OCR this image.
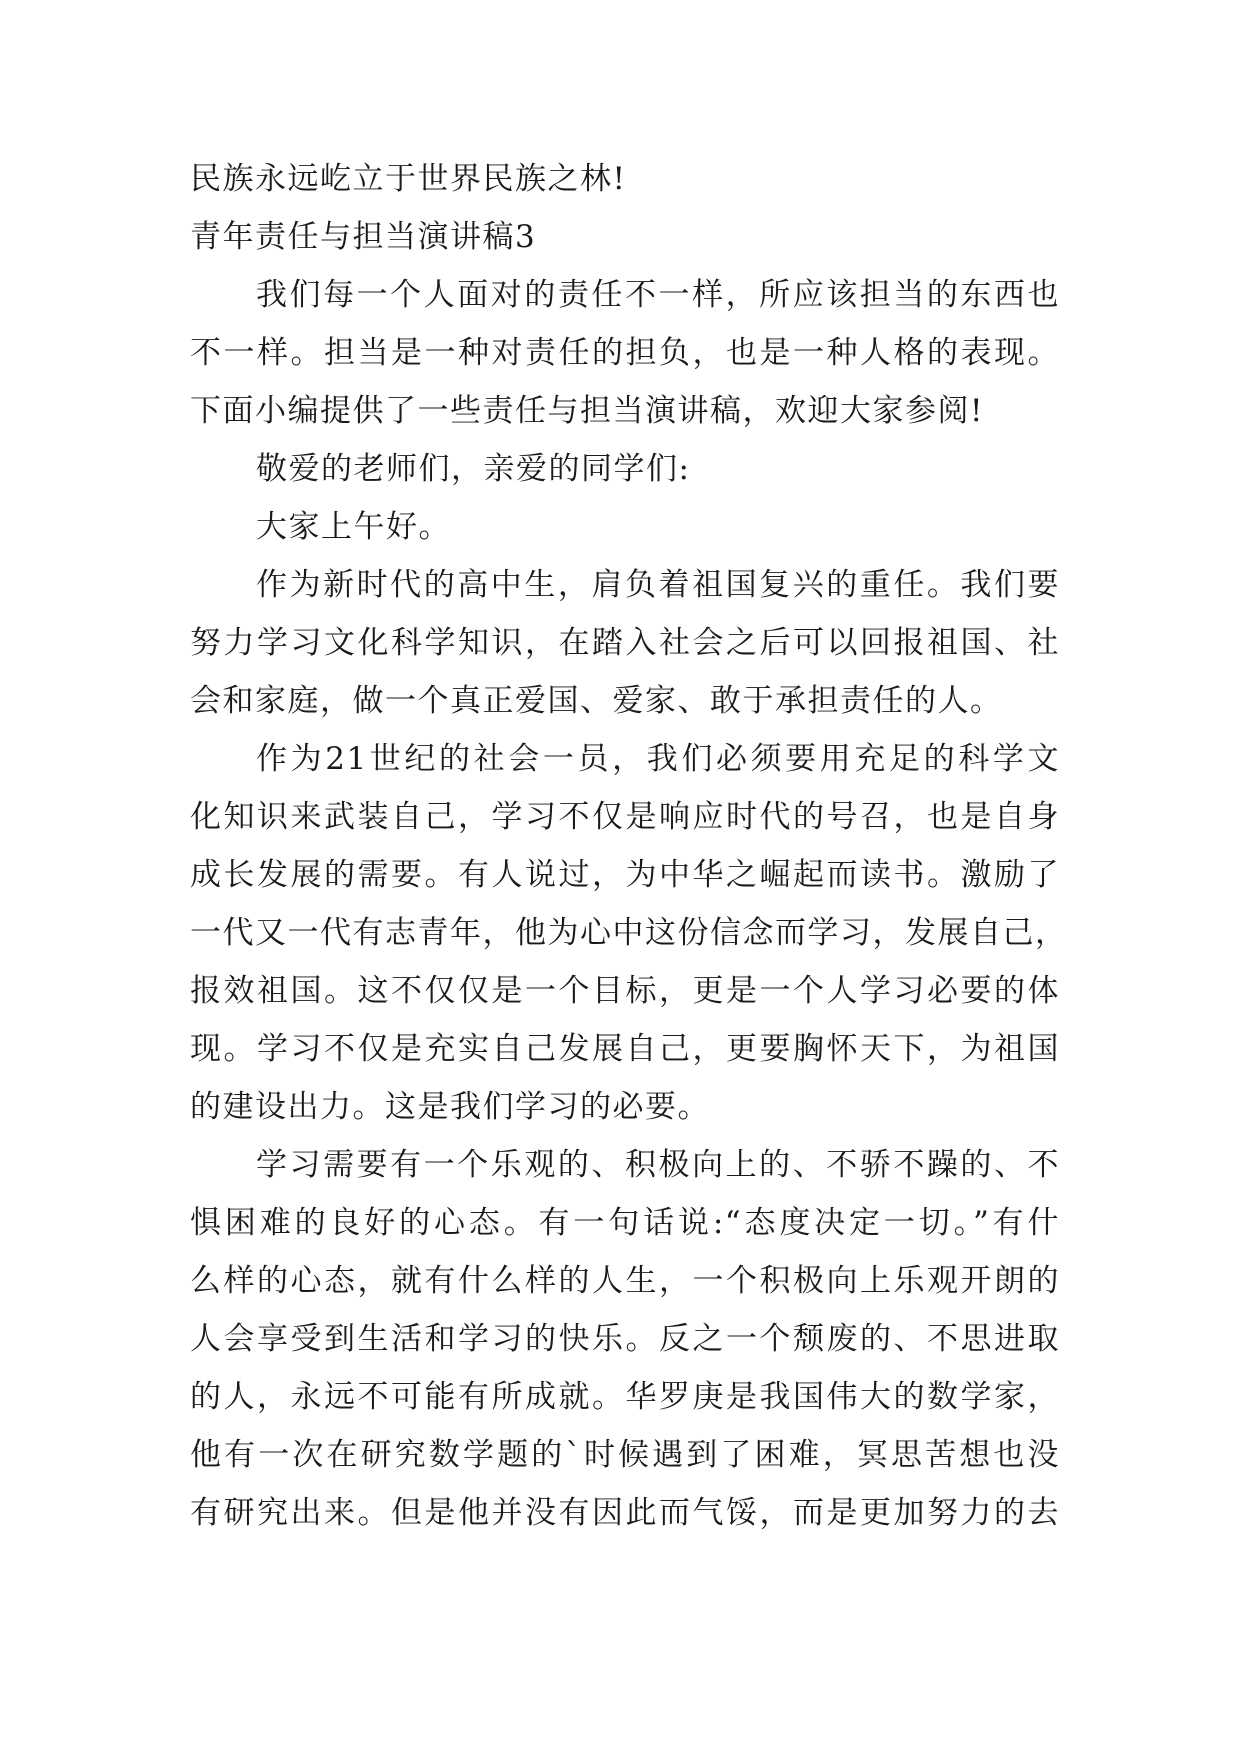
民族永远屹立于世界民族之林!

青年责任与担当演讲稿3

我们每一个人面对的责任不一样，所应该担当的东西也

不一样。担当是一种对责任的担负，也是一种人格的表现。

下面小编提供了一些责任与担当演讲稿，欢迎大家参阅!

敬爱的老师们，亲爱的同学们:

大家上午好。

作为新时代的高中生，肩负着祖国复兴的重任。我们要

努力学习文化科学知识，在踏入社会之后可以回报祖国、社

会和家庭，做一个真正爱国、爱家、敢于承担责任的人。

作为21世纪的社会一员，我们必须要用充足的科学文

化知识来武装自己，学习不仅是响应时代的号召，也是自身

成长发展的需要。有人说过，为中华之崛起而读书。激励了

一代又一代有志青年，他为心中这份信念而学习，发展自己，

报效祖国。这不仅仅是一个目标，更是一个人学习必要的体

现。学习不仅是充实自己发展自己，更要胸怀天下，为祖国

的建设出力。这是我们学习的必要。

学习需要有一个乐观的、积极向上的、不骄不躁的、不

惧困难的良好的心态。有一句话说:“态度决定一切。”有什

么样的心态，就有什么样的人生，一个积极向上乐观开朗的

人会享受到生活和学习的快乐。反之一个颓废的、不思进取

的人，永远不可能有所成就。华罗庚是我国伟大的数学家，

他有一次在研究数学题的`时候遇到了困难，冥思苦想也没

有研究出来。但是他并没有因此而气馁，而是更加努力的去
